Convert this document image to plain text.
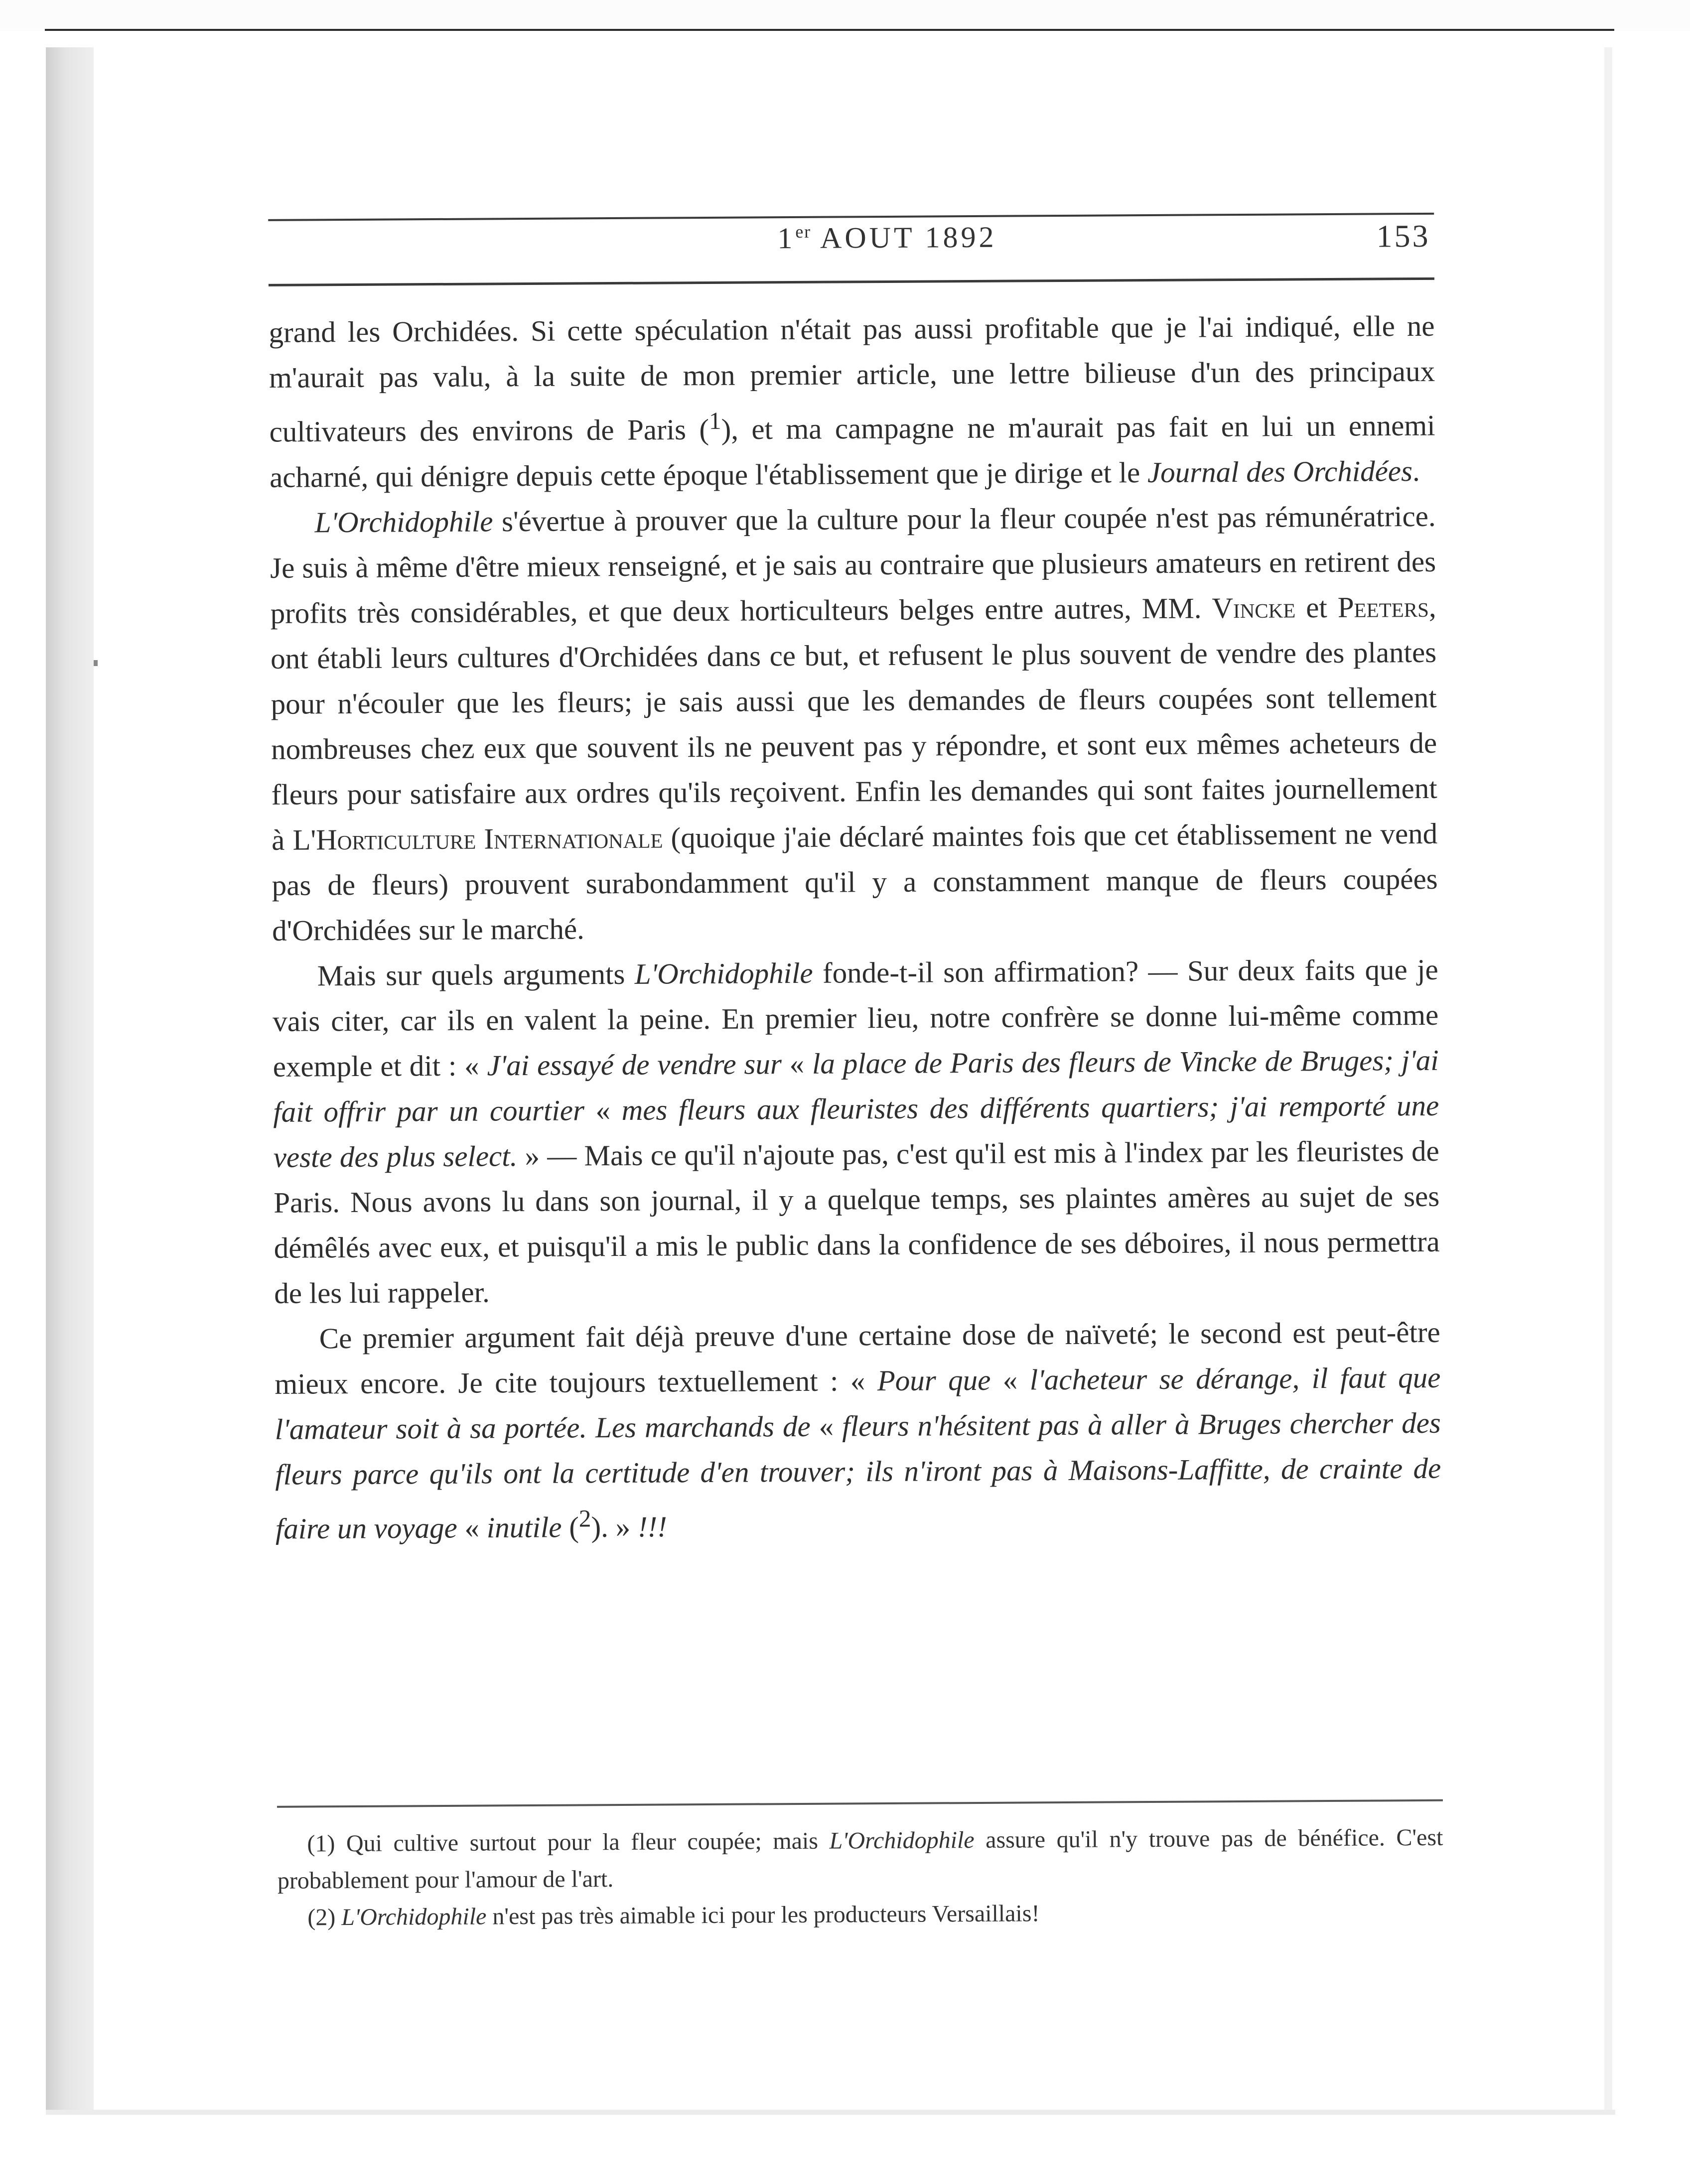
1er AOUT 1892	153

grand les Orchidées. Si cette spéculation n'était pas aussi profitable que je l'ai indiqué, elle ne m'aurait pas valu, à la suite de mon premier article, une lettre bilieuse d'un des principaux cultivateurs des environs de Paris ($^1$), et ma campagne ne m'aurait pas fait en lui un ennemi acharné, qui dénigre depuis cette époque l'établissement que je dirige et le Journal des Orchidées.

L'Orchidophile s'évertue à prouver que la culture pour la fleur coupée n'est pas rémunératrice. Je suis à même d'être mieux renseigné, et je sais au contraire que plusieurs amateurs en retirent des profits très considérables, et que deux horticulteurs belges entre autres, MM. Vincke et Peeters, ont établi leurs cultures d'Orchidées dans ce but, et refusent le plus souvent de vendre des plantes pour n'écouler que les fleurs; je sais aussi que les demandes de fleurs coupées sont tellement nombreuses chez eux que souvent ils ne peuvent pas y répondre, et sont eux mêmes acheteurs de fleurs pour satisfaire aux ordres qu'ils reçoivent. Enfin les demandes qui sont faites journellement à L'Horticulture Internationale (quoique j'aie déclaré maintes fois que cet établissement ne vend pas de fleurs) prouvent surabondamment qu'il y a constamment manque de fleurs coupées d'Orchidées sur le marché.

Mais sur quels arguments L'Orchidophile fonde-t-il son affirmation? — Sur deux faits que je vais citer, car ils en valent la peine. En premier lieu, notre confrère se donne lui-même comme exemple et dit : « J'ai essayé de vendre sur « la place de Paris des fleurs de Vincke de Bruges; j'ai fait offrir par un courtier « mes fleurs aux fleuristes des différents quartiers; j'ai remporté une veste des plus select. » — Mais ce qu'il n'ajoute pas, c'est qu'il est mis à l'index par les fleuristes de Paris. Nous avons lu dans son journal, il y a quelque temps, ses plaintes amères au sujet de ses démêlés avec eux, et puisqu'il a mis le public dans la confidence de ses déboires, il nous permettra de les lui rappeler.

Ce premier argument fait déjà preuve d'une certaine dose de naïveté; le second est peut-être mieux encore. Je cite toujours textuellement : « Pour que « l'acheteur se dérange, il faut que l'amateur soit à sa portée. Les marchands de « fleurs n'hésitent pas à aller à Bruges chercher des fleurs parce qu'ils ont la certitude d'en trouver; ils n'iront pas à Maisons-Laffitte, de crainte de faire un voyage « inutile ($^2$). » !!!

(1) Qui cultive surtout pour la fleur coupée; mais L'Orchidophile assure qu'il n'y trouve pas de bénéfice. C'est probablement pour l'amour de l'art.

(2) L'Orchidophile n'est pas très aimable ici pour les producteurs Versaillais!
